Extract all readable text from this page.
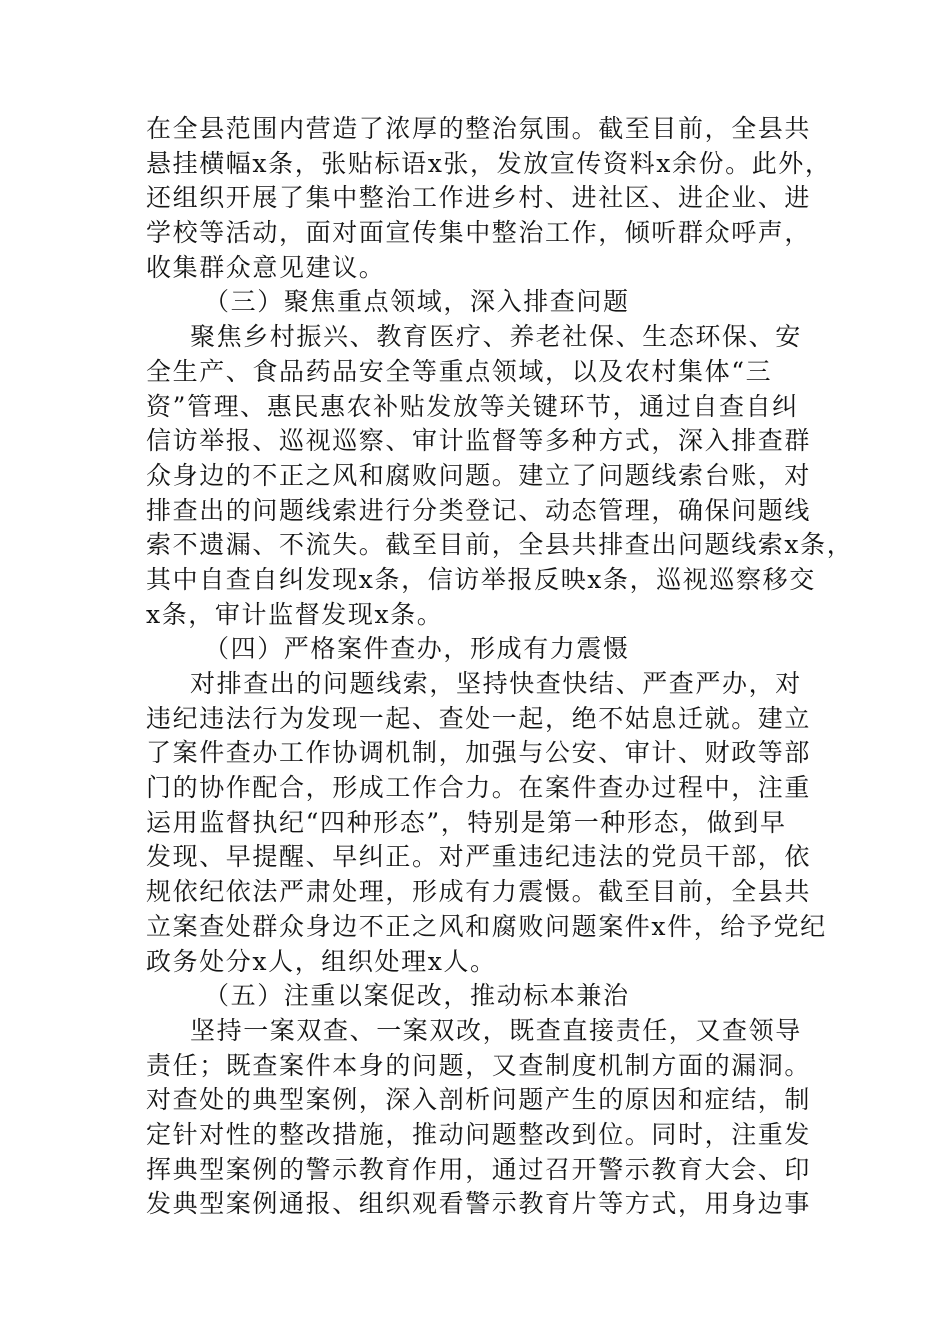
在全县范围内营造了浓厚的整治氛围。截至目前，全县共
悬挂横幅x条，张贴标语x张，发放宣传资料x余份。此外，
还组织开展了集中整治工作进乡村、进社区、进企业、进
学校等活动，面对面宣传集中整治工作，倾听群众呼声，
收集群众意见建议。
（三）聚焦重点领域，深入排查问题
聚焦乡村振兴、教育医疗、养老社保、生态环保、安
全生产、食品药品安全等重点领域，以及农村集体“三
资”管理、惠民惠农补贴发放等关键环节，通过自查自纠
信访举报、巡视巡察、审计监督等多种方式，深入排查群
众身边的不正之风和腐败问题。建立了问题线索台账，对
排查出的问题线索进行分类登记、动态管理，确保问题线
索不遗漏、不流失。截至目前，全县共排查出问题线索x条，
其中自查自纠发现x条，信访举报反映x条，巡视巡察移交
x条，审计监督发现x条。
（四）严格案件查办，形成有力震慑
对排查出的问题线索，坚持快查快结、严查严办，对
违纪违法行为发现一起、查处一起，绝不姑息迁就。建立
了案件查办工作协调机制，加强与公安、审计、财政等部
门的协作配合，形成工作合力。在案件查办过程中，注重
运用监督执纪“四种形态”，特别是第一种形态，做到早
发现、早提醒、早纠正。对严重违纪违法的党员干部，依
规依纪依法严肃处理，形成有力震慑。截至目前，全县共
立案查处群众身边不正之风和腐败问题案件x件，给予党纪
政务处分x人，组织处理x人。
（五）注重以案促改，推动标本兼治
坚持一案双查、一案双改，既查直接责任，又查领导
责任；既查案件本身的问题，又查制度机制方面的漏洞。
对查处的典型案例，深入剖析问题产生的原因和症结，制
定针对性的整改措施，推动问题整改到位。同时，注重发
挥典型案例的警示教育作用，通过召开警示教育大会、印
发典型案例通报、组织观看警示教育片等方式，用身边事
